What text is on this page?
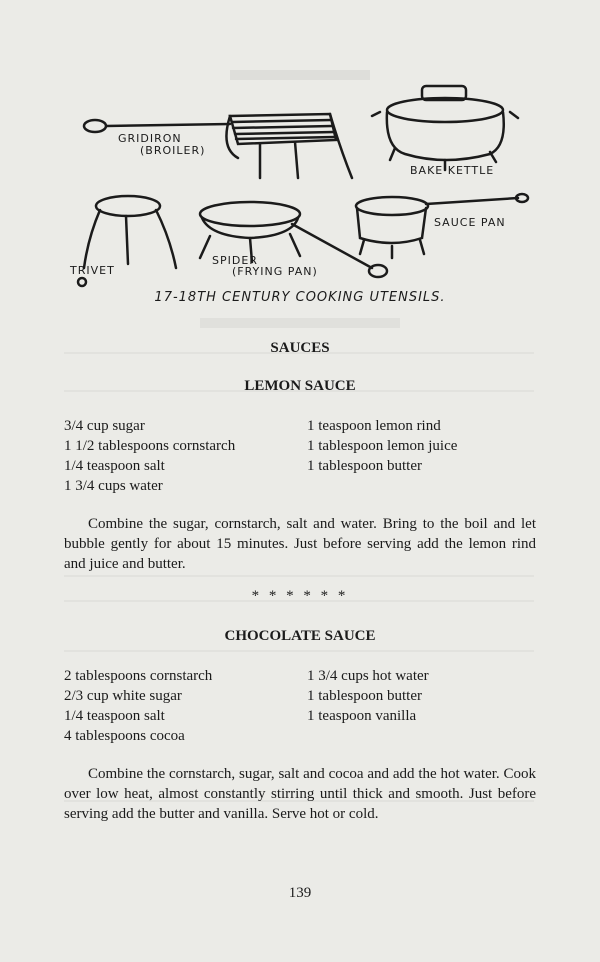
GRIDIRON
(BROILER)
BAKE KETTLE
TRIVET
SPIDER
(FRYING PAN)
SAUCE PAN
17-18TH CENTURY COOKING UTENSILS.
SAUCES
LEMON SAUCE
3/4 cup sugar
1 1/2 tablespoons cornstarch
1/4 teaspoon salt
1 3/4 cups water
1 teaspoon lemon rind
1 tablespoon lemon juice
1 tablespoon butter
Combine the sugar, cornstarch, salt and water. Bring to the boil and let bubble gently for about 15 minutes. Just before serving add the lemon rind and juice and butter.
* * * * * *
CHOCOLATE SAUCE
2 tablespoons cornstarch
2/3 cup white sugar
1/4 teaspoon salt
4 tablespoons cocoa
1 3/4 cups hot water
1 tablespoon butter
1 teaspoon vanilla
Combine the cornstarch, sugar, salt and cocoa and add the hot water. Cook over low heat, almost constantly stirring until thick and smooth. Just before serving add the butter and vanilla. Serve hot or cold.
139
